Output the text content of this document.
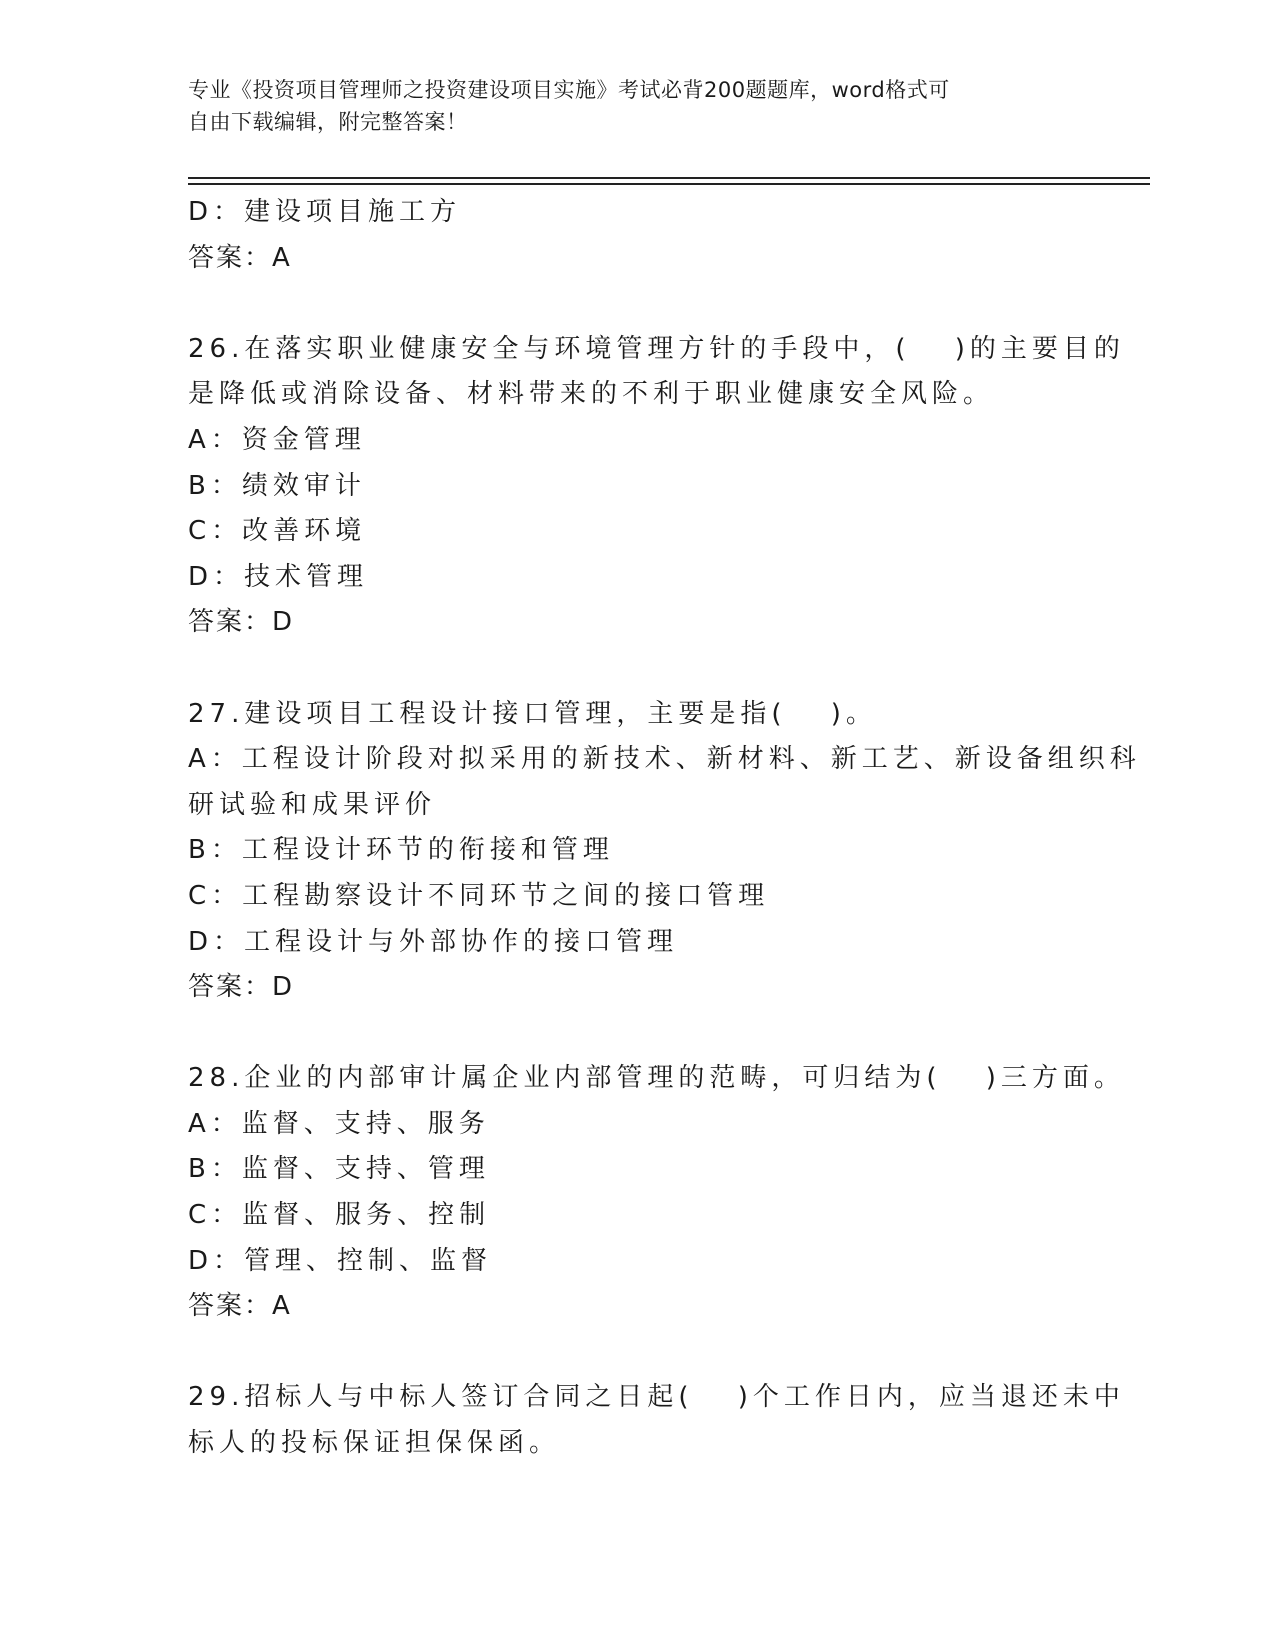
专业《投资项目管理师之投资建设项目实施》考试必背200题题库，word格式可
自由下载编辑，附完整答案！
D：建设项目施工方
答案：A
26.在落实职业健康安全与环境管理方针的手段中，(　 )的主要目的
是降低或消除设备、材料带来的不利于职业健康安全风险。
A：资金管理
B：绩效审计
C：改善环境
D：技术管理
答案：D
27.建设项目工程设计接口管理，主要是指(　 )。
A：工程设计阶段对拟采用的新技术、新材料、新工艺、新设备组织科
研试验和成果评价
B：工程设计环节的衔接和管理
C：工程勘察设计不同环节之间的接口管理
D：工程设计与外部协作的接口管理
答案：D
28.企业的内部审计属企业内部管理的范畴，可归结为(　 )三方面。
A：监督、支持、服务
B：监督、支持、管理
C：监督、服务、控制
D：管理、控制、监督
答案：A
29.招标人与中标人签订合同之日起(　 )个工作日内，应当退还未中
标人的投标保证担保保函。
